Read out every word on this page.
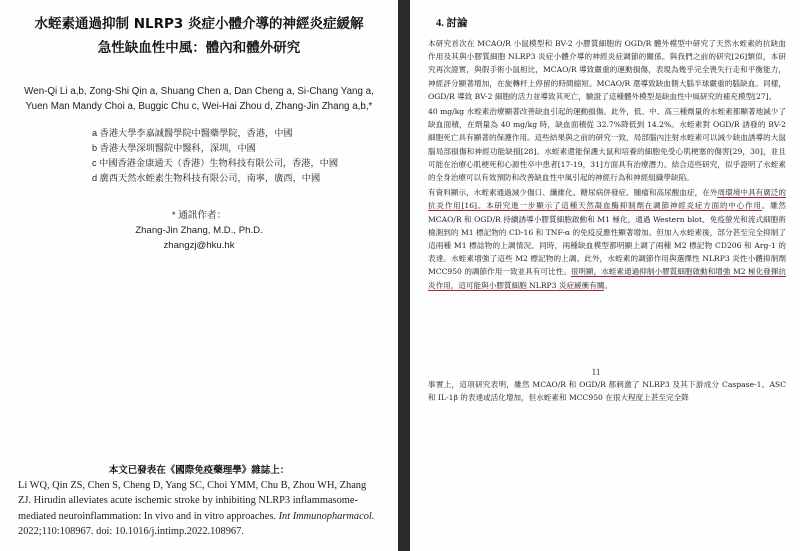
水蛭素通過抑制 NLRP3 炎症小體介導的神經炎症緩解
急性缺血性中風：體內和體外研究
Wen-Qi Li a,b, Zong-Shi Qin a, Shuang Chen a, Dan Cheng a, Si-Chang Yang a,
Yuen Man Mandy Choi a, Buggic Chu c, Wei-Hai Zhou d, Zhang-Jin Zhang a,b,*
a 香港大學李嘉誠醫學院中醫藥學院，香港，中國
b 香港大學深圳醫院中醫科，深圳，中國
c 中國香港金康通天（香港）生物科技有限公司，香港，中國
d 廣西天然水蛭素生物科技有限公司，南寧，廣西，中國
* 通訊作者：
Zhang-Jin Zhang, M.D., Ph.D.
zhangzj@hku.hk
本文已發表在《國際免疫藥理學》雜誌上：
Li WQ, Qin ZS, Chen S, Cheng D, Yang SC, Choi YMM, Chu B, Zhou WH, Zhang ZJ. Hirudin alleviates acute ischemic stroke by inhibiting NLRP3 inflammasome-mediated neuroinflammation: In vivo and in vitro approaches. Int Immunopharmacol. 2022;110:108967. doi: 10.1016/j.intimp.2022.108967.
4. 討論

本研究首次在 MCAO/R 小鼠模型和 BV-2 小膠質細胞的 OGD/R 體外模型中研究了天然水蛭素的抗缺血作用及其與小膠質細胞 NLRP3 炎症小體介導的神經炎症調節的關係。與我們之前的研究[26]類似，本研究再次證實，與假手術小鼠相比，MCAO/R 導致嚴重的運動損傷，表現為幾乎完全喪失行走和平衡能力，神經評分顯著增加，在旋轉杆上停留的時間縮短。MCAO/R 還導致缺血側大腦半球嚴重的腦缺血。同樣，OGD/R 導致 BV-2 細胞的活力並導致其死亡，驗證了這種體外模型是缺血性中風研究的補充模型[27]。

40 mg/kg 水蛭素治療顯著改善缺血引起的運動損傷。此外，低、中、高三種劑量的水蛭素都顯著地減少了缺血面積，在劑量為 40 mg/kg 時，缺血面積從 32.7%降低到 14.2%。水蛭素對 OGD/R 誘發的 BV-2 細胞死亡具有顯著的保護作用。這些結果與之前的研究一致，局部腦內注射水蛭素可以減少缺血誘導的大鼠腦局部損傷和神經功能缺損[28]。水蛭素還能保護大鼠和培養的細胞免受心肌梗塞的傷害[29，30]，並且可能在治療心肌梗死和心源性卒中患者[17-19，31]方面具有治療潛力。結合這些研究，似乎證明了水蛭素的全身治療可以有效預防和改善缺血性中風引起的神經行為和神經組織學缺陷。

有資料顯示，水蛭素通過減少傷口、纖維化、糖尿病併發症、腫瘤和高尿酸血症，在外周環境中具有廣泛的抗炎作用[16]。本研究進一步顯示了這種天然凝血酶抑制劑在調節神經炎症方面的中心作用。雖然 MCAO/R 和 OGD/R 持續誘導小膠質細胞啟動和 M1 極化，通過 Western blot、免疫螢光和流式細胞術檢測到的 M1 標記物的 CD-16 和 TNF-α 的免疫反應性顯著增加。但加入水蛭素後，部分甚至完全抑制了這兩種 M1 標誌物的上調情況。同時，兩種缺血模型都明顯上調了兩種 M2 標記物 CD206 和 Arg-1 的表達。水蛭素增強了這些 M2 標記物的上調。此外，水蛭素的調節作用與選擇性 NLRP3 炎性小體抑制劑 MCC950 的調節作用一致並具有可比性。很明顯，水蛭素通過抑制小膠質細胞啟動和增強 M2 極化發揮抗炎作用，這可能與小膠質細胞 NLRP3 炎症緩衝有關。

11

事實上，這項研究表明，雖然 MCAO/R 和 OGD/R 都刺激了 NLRP3 及其下游成分 Caspase-1、ASC 和 IL-1β 的表達或活化增加，但水蛭素和 MCC950 在很大程度上甚至完全降
